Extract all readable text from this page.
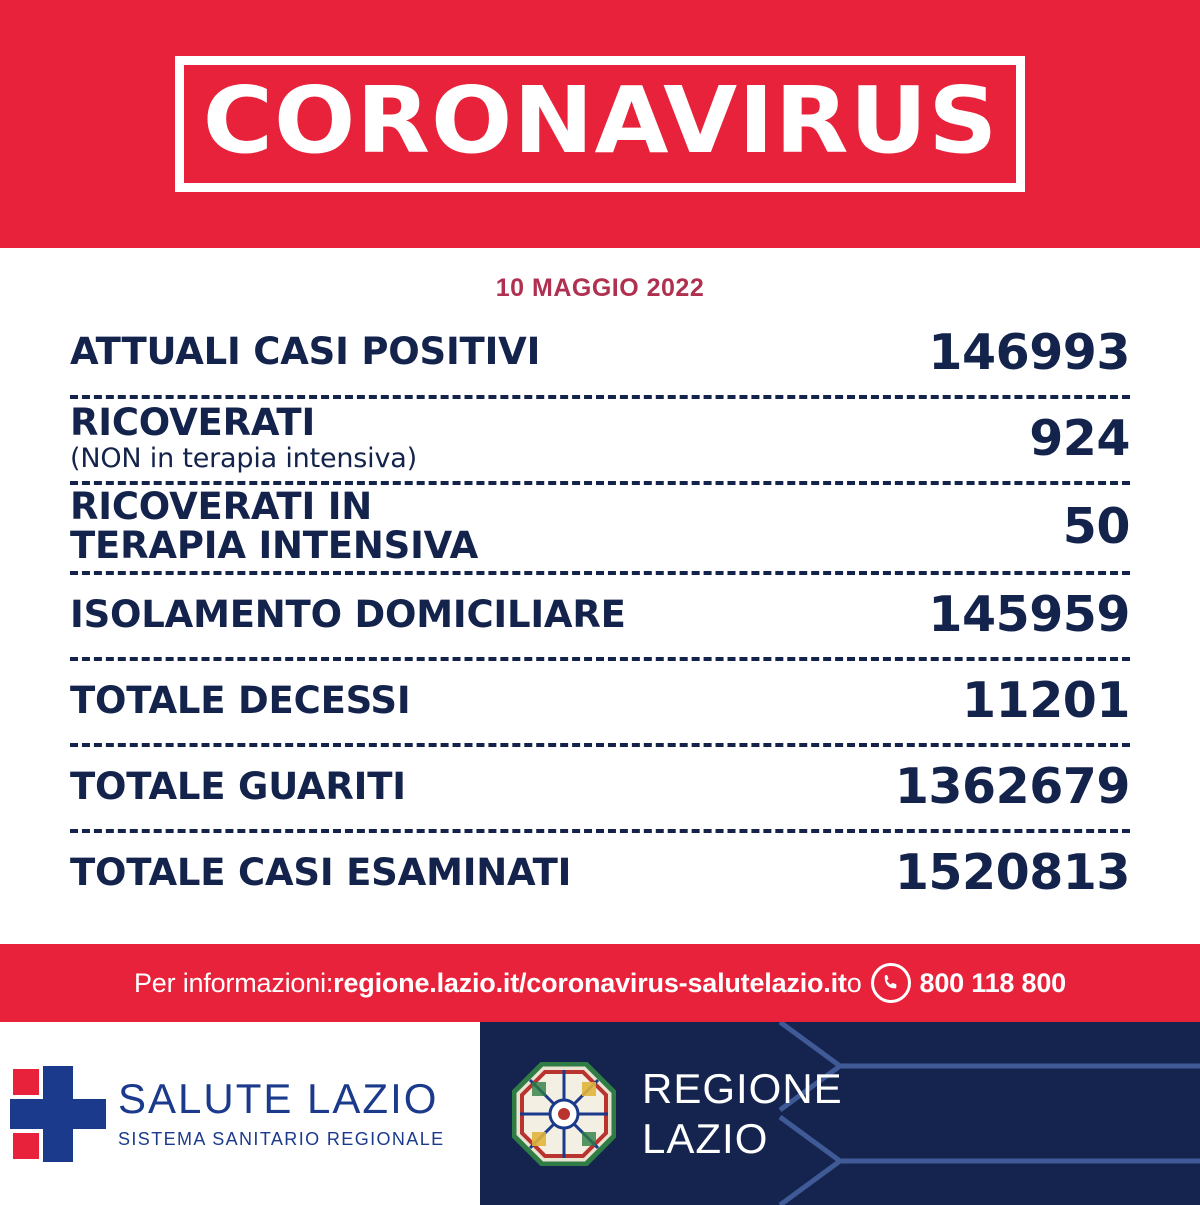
CORONAVIRUS
10 MAGGIO 2022
ATTUALI CASI POSITIVI	146993
RICOVERATI
(NON in terapia intensiva)	924
RICOVERATI IN
TERAPIA INTENSIVA	50
ISOLAMENTO DOMICILIARE	145959
TOTALE DECESSI	11201
TOTALE GUARITI	1362679
TOTALE CASI ESAMINATI	1520813
Per informazioni: regione.lazio.it/coronavirus - salutelazio.it o 800 118 800
SALUTE LAZIO
SISTEMA SANITARIO REGIONALE
REGIONE
LAZIO
